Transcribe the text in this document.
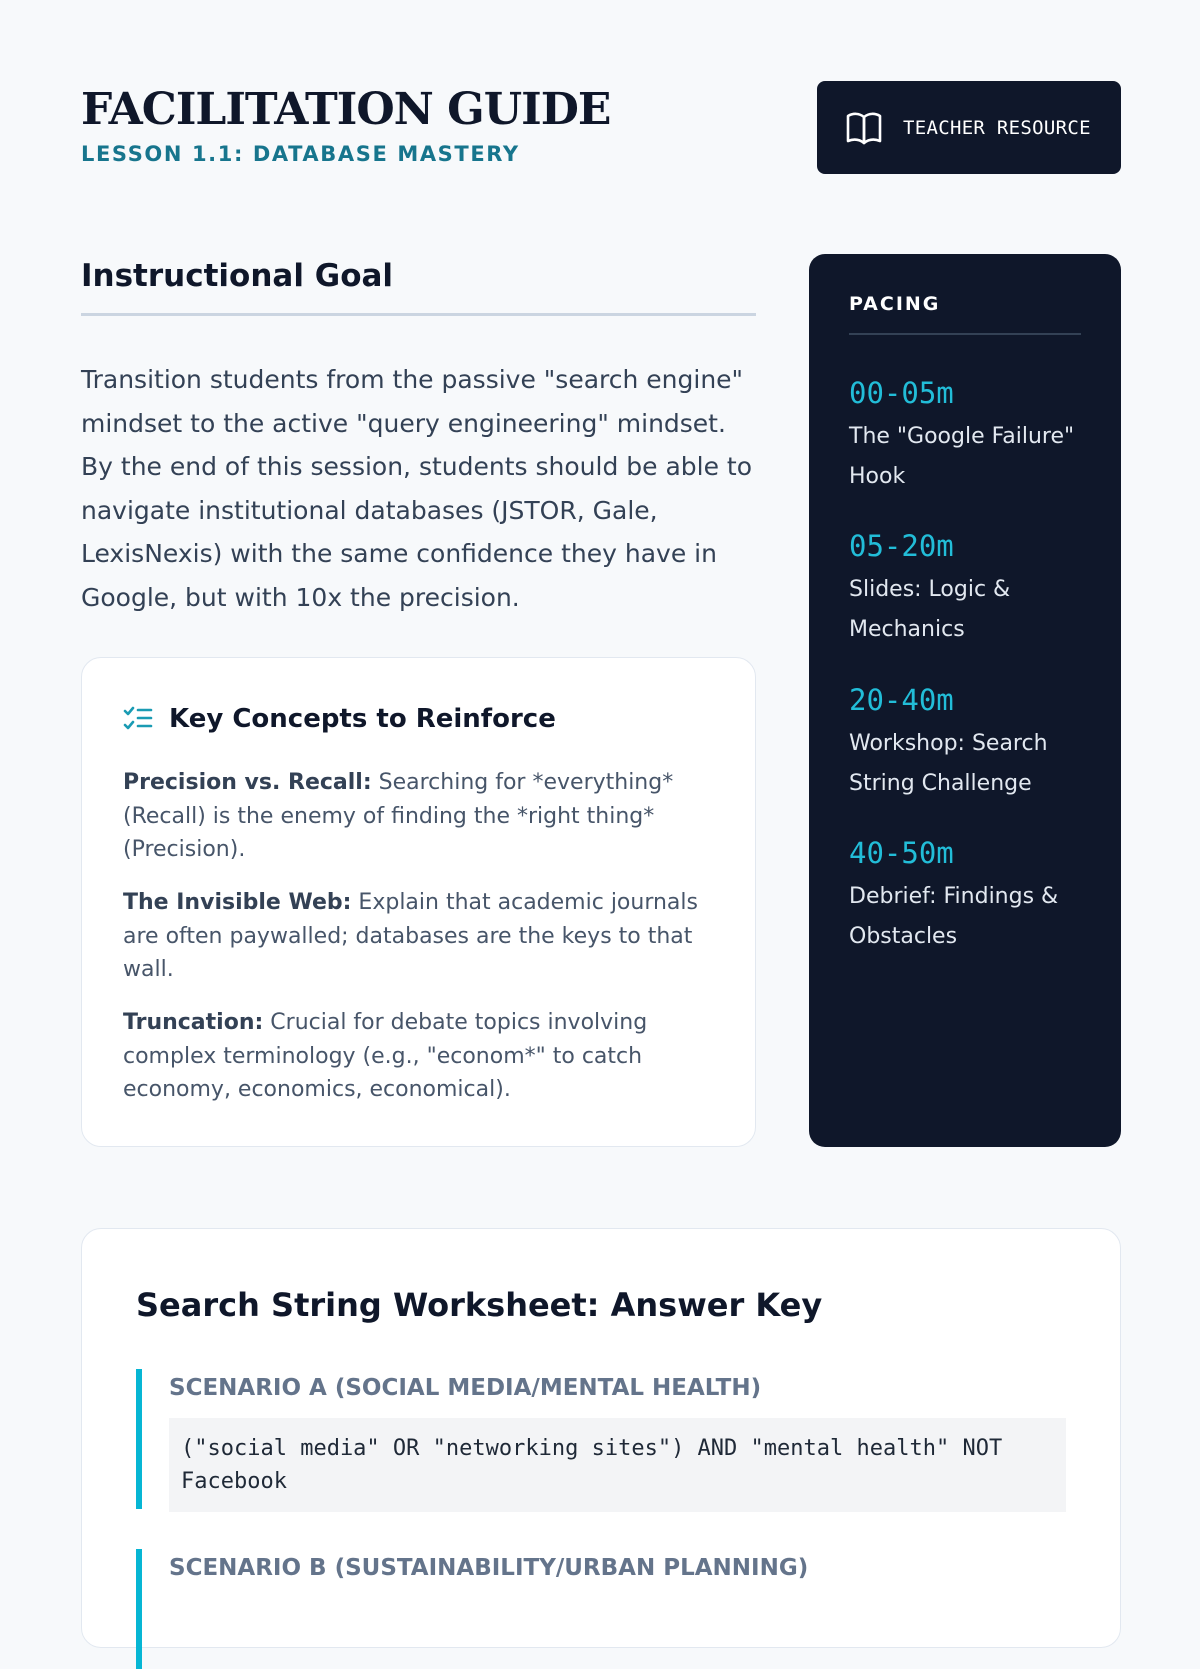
FACILITATION GUIDE

LESSON 1.1: DATABASE MASTERY

TEACHER RESOURCE
Instructional Goal

Transition students from the passive "search engine" mindset to the active "query engineering" mindset. By the end of this session, students should be able to navigate institutional databases (JSTOR, Gale, LexisNexis) with the same confidence they have in Google, but with 10x the precision.

Key Concepts to Reinforce

Precision vs. Recall: Searching for *everything* (Recall) is the enemy of finding the *right thing* (Precision).

The Invisible Web: Explain that academic journals are often paywalled; databases are the keys to that wall.

Truncation: Crucial for debate topics involving complex terminology (e.g., "econom*" to catch economy, economics, economical).

PACING
00-05m
The "Google Failure" Hook
05-20m
Slides: Logic & Mechanics
20-40m
Workshop: Search String Challenge
40-50m
Debrief: Findings & Obstacles
Search String Worksheet: Answer Key

SCENARIO A (SOCIAL MEDIA/MENTAL HEALTH)

("social media" OR "networking sites") AND "mental health" NOT Facebook

SCENARIO B (SUSTAINABILITY/URBAN PLANNING)
